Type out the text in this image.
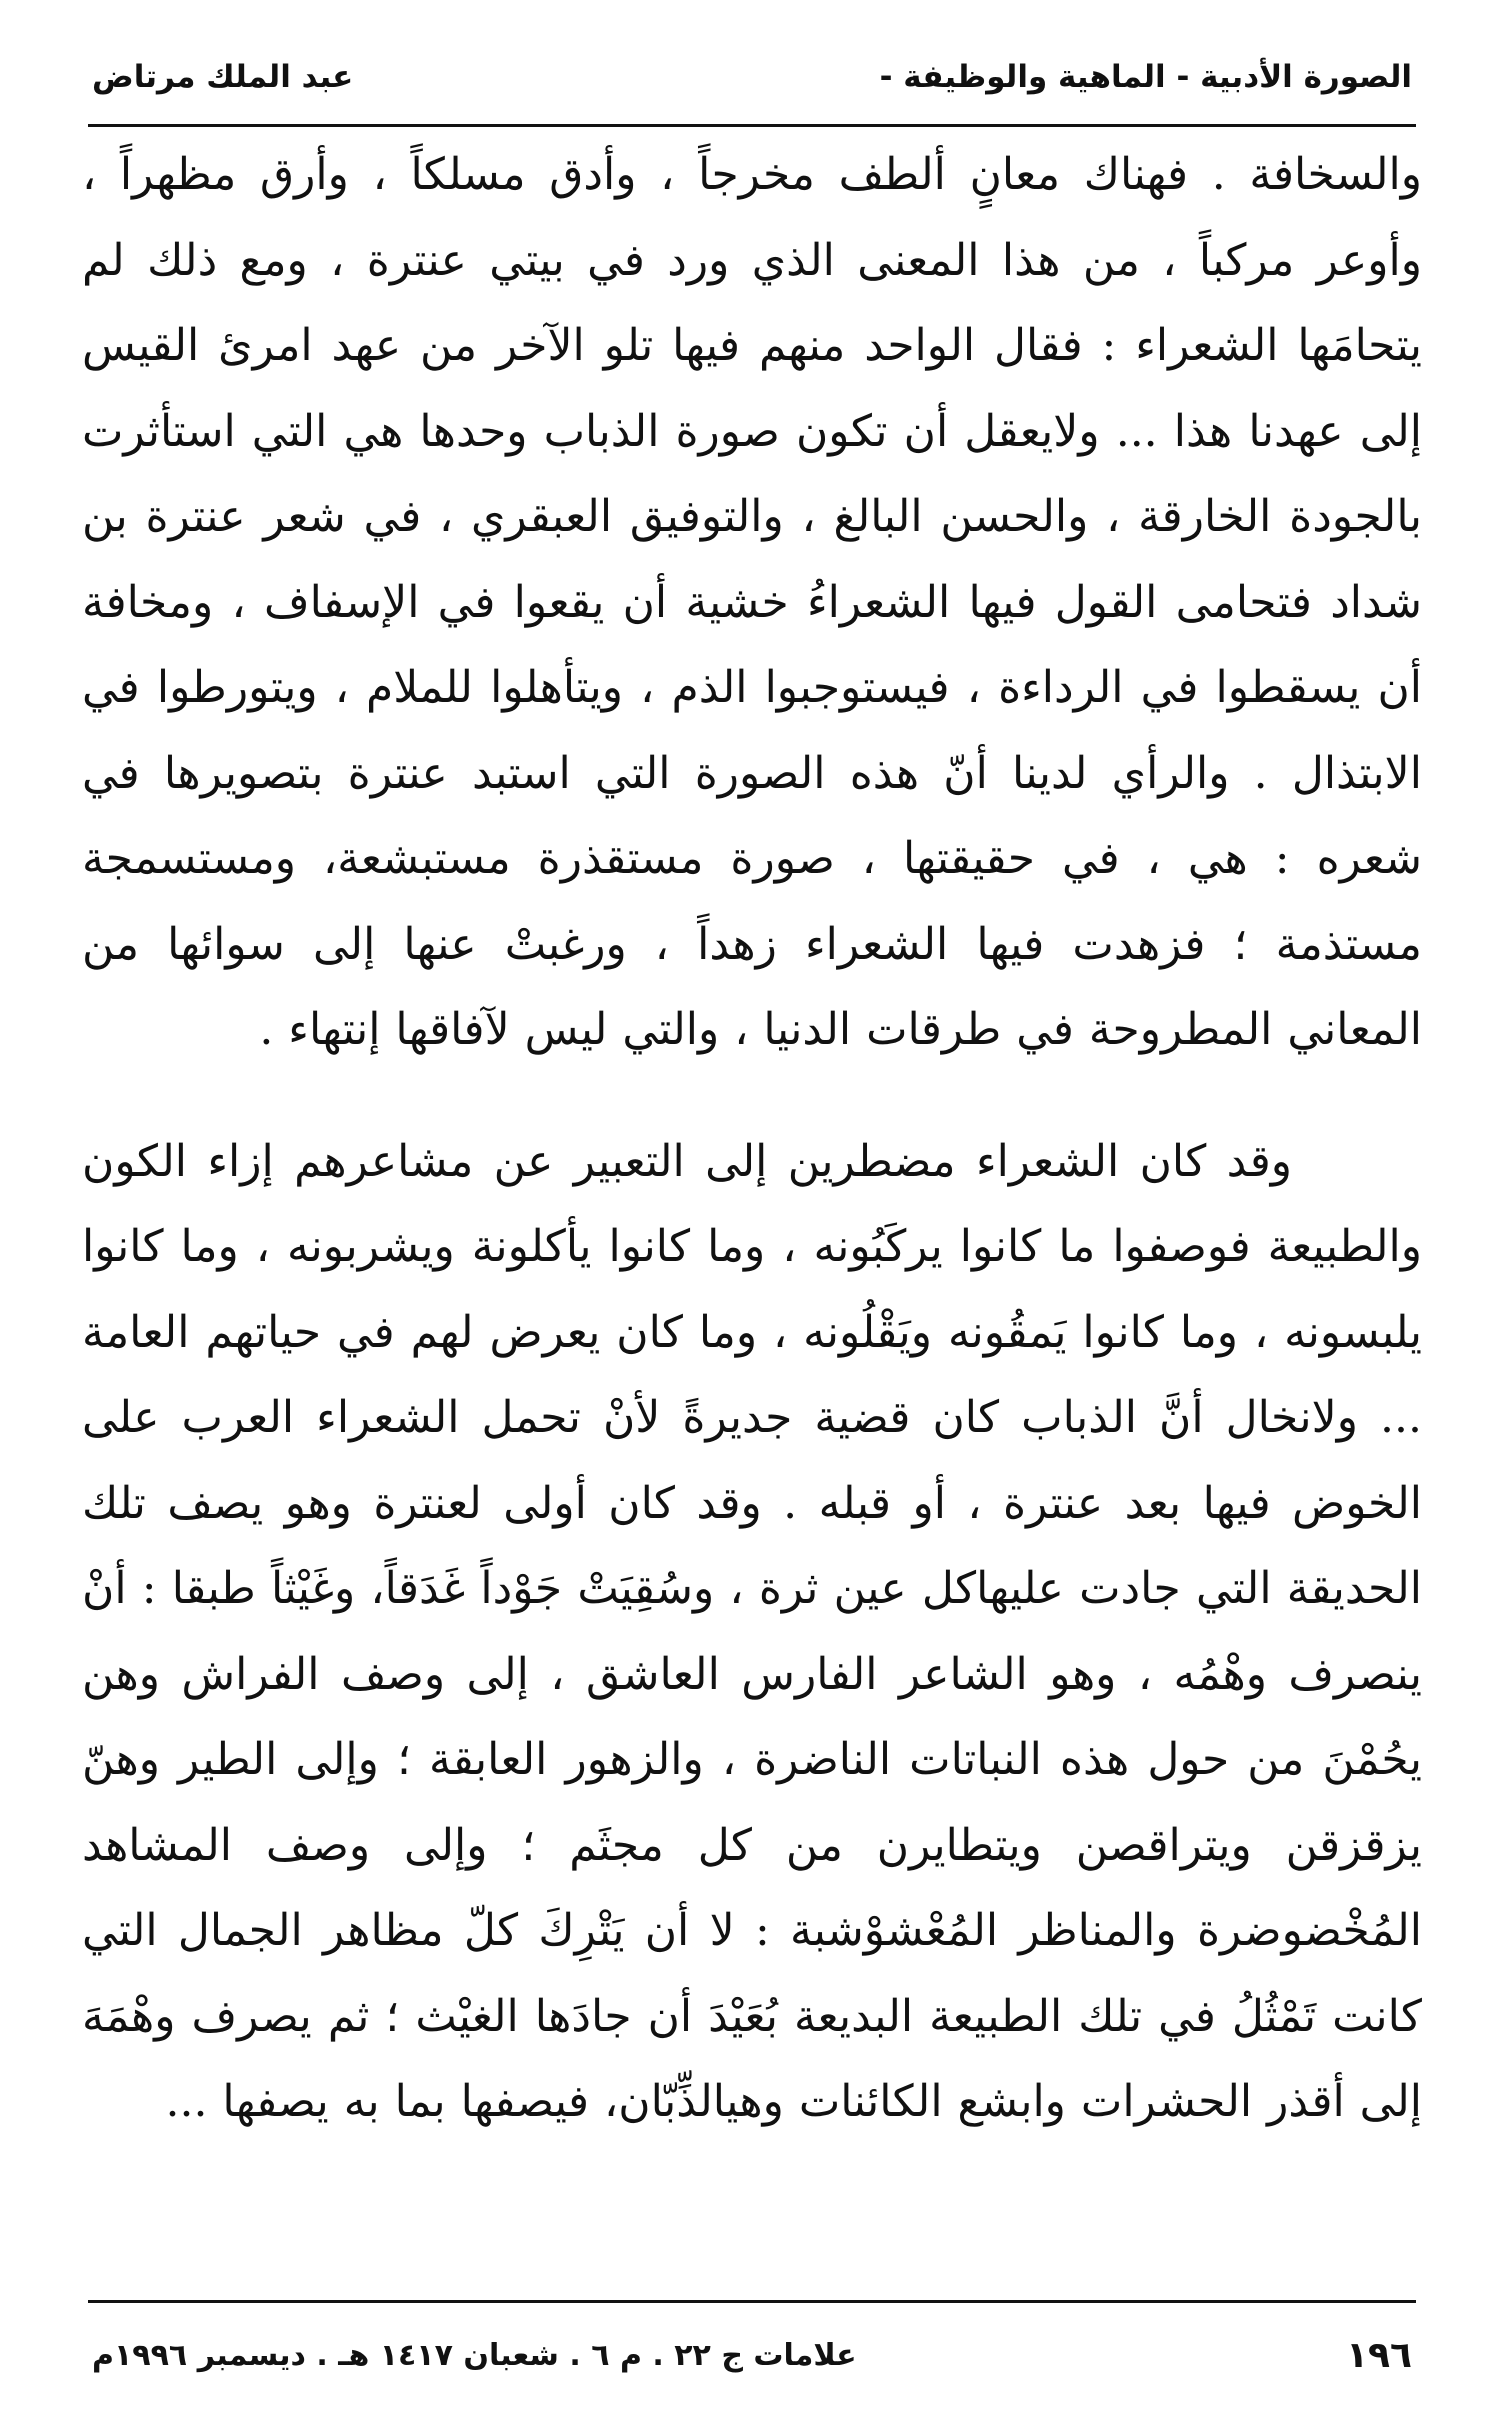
الصورة الأدبية - الماهية والوظيفة -
عبد الملك مرتاض

والسخافة . فهناك معانٍ ألطف مخرجاً ، وأدق مسلكاً ، وأرق مظهراً ، وأوعر مركباً ، من هذا المعنى الذي ورد في بيتي عنترة ، ومع ذلك لم يتحامَها الشعراء : فقال الواحد منهم فيها تلو الآخر من عهد امرئ القيس إلى عهدنا هذا ... ولايعقل أن تكون صورة الذباب وحدها هي التي استأثرت بالجودة الخارقة ، والحسن البالغ ، والتوفيق العبقري ، في شعر عنترة بن شداد فتحامى القول فيها الشعراءُ خشية أن يقعوا في الإسفاف ، ومخافة أن يسقطوا في الرداءة ، فيستوجبوا الذم ، ويتأهلوا للملام ، ويتورطوا في الابتذال . والرأي لدينا أنّ هذه الصورة التي استبد عنترة بتصويرها في شعره : هي ، في حقيقتها ، صورة مستقذرة مستبشعة، ومستسمجة مستذمة ؛ فزهدت فيها الشعراء زهداً ، ورغبتْ عنها إلى سوائها من المعاني المطروحة في طرقات الدنيا ، والتي ليس لآفاقها إنتهاء .

وقد كان الشعراء مضطرين إلى التعبير عن مشاعرهم إزاء الكون والطبيعة فوصفوا ما كانوا يركَبُونه ، وما كانوا يأكلونة ويشربونه ، وما كانوا يلبسونه ، وما كانوا يَمقُونه ويَقْلُونه ، وما كان يعرض لهم في حياتهم العامة ... ولانخال أنَّ الذباب كان قضية جديرةً لأنْ تحمل الشعراء العرب على الخوض فيها بعد عنترة ، أو قبله . وقد كان أولى لعنترة وهو يصف تلك الحديقة التي جادت عليهاكل عين ثرة ، وسُقِيَتْ جَوْداً غَدَقاً، وغَيْثاً طبقا : أنْ ينصرف وهْمُه ، وهو الشاعر الفارس العاشق ، إلى وصف الفراش وهن يحُمْنَ من حول هذه النباتات الناضرة ، والزهور العابقة ؛ وإلى الطير وهنّ يزقزقن ويتراقصن ويتطايرن من كل مجثَم ؛ وإلى وصف المشاهد المُخْضوضرة والمناظر المُعْشوْشبة : لا أن يَتْرِكَ كلّ مظاهر الجمال التي كانت تَمْثُلُ في تلك الطبيعة البديعة بُعَيْدَ أن جادَها الغيْث ؛ ثم يصرف وهْمَهَ إلى أقذر الحشرات وابشع الكائنات وهيالذِّبّان، فيصفها بما به يصفها ...

١٩٦
علامات ج ٢٢ . م ٦ . شعبان ١٤١٧ هـ . ديسمبر ١٩٩٦م
